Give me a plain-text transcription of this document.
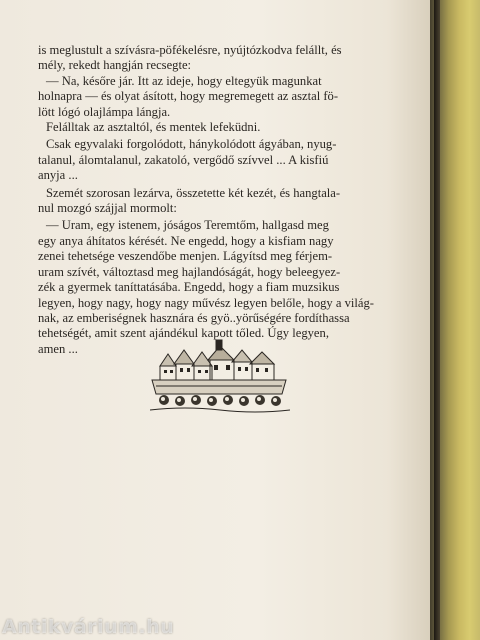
is meglustult a szívásra-pöfékelésre, nyújtózkodva felállt, és
mély, rekedt hangján recsegte:
— Na, későre jár. Itt az ideje, hogy eltegyük magunkat
holnapra — és olyat ásított, hogy megremegett az asztal fö-
lött lógó olajlámpa lángja.
Felálltak az asztaltól, és mentek lefeküdni.
Csak egyvalaki forgolódott, hánykolódott ágyában, nyug-
talanul, álomtalanul, zakatoló, vergődő szívvel ... A kisfiú
anyja ...
Szemét szorosan lezárva, összetette két kezét, és hangtala-
nul mozgó szájjal mormolt:
— Uram, egy istenem, jóságos Teremtőm, hallgasd meg
egy anya áhítatos kérését. Ne engedd, hogy a kisfiam nagy
zenei tehetsége veszendőbe menjen. Lágyítsd meg férjem-
uram szívét, változtasd meg hajlandóságát, hogy beleegyez-
zék a gyermek taníttatásába. Engedd, hogy a fiam muzsikus
legyen, hogy nagy, hogy nagy művész legyen belőle, hogy a világ-
nak, az emberiségnek hasznára és gyö..yörűségére fordíthassa
tehetségét, amit szent ajándékul kapott tőled. Úgy legyen,
amen ...
Antikvárium.hu
